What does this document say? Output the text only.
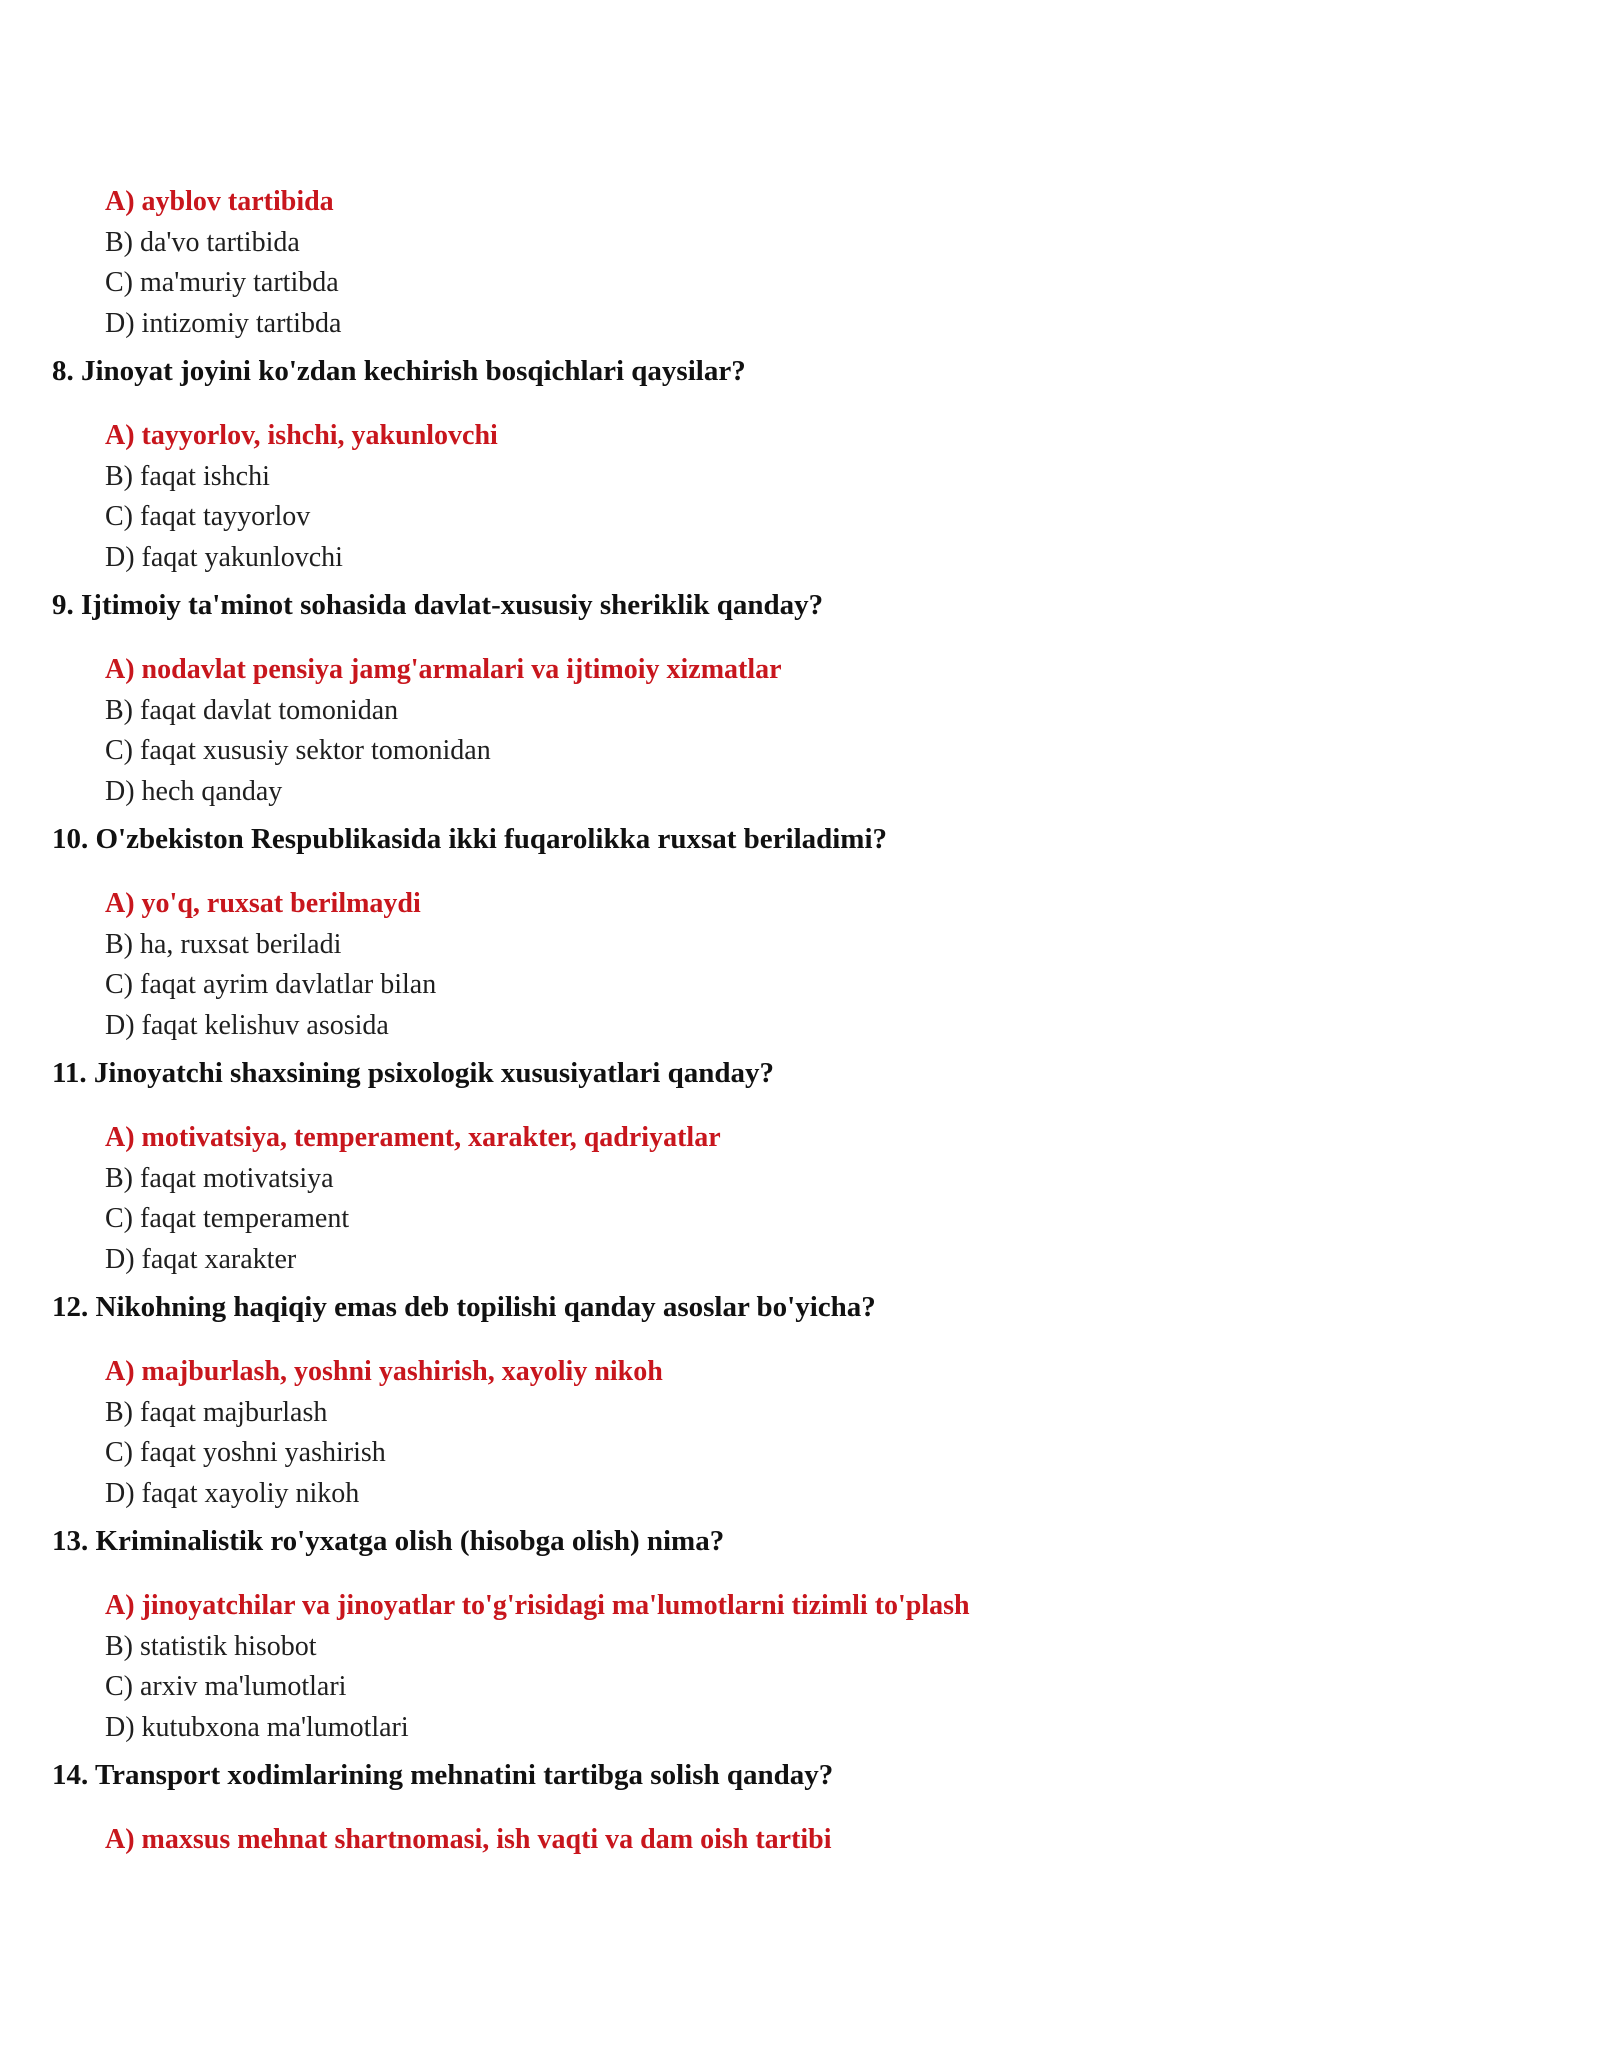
A) ayblov tartibida
B) da'vo tartibida
C) ma'muriy tartibda
D) intizomiy tartibda
8. Jinoyat joyini ko'zdan kechirish bosqichlari qaysilar?
A) tayyorlov, ishchi, yakunlovchi
B) faqat ishchi
C) faqat tayyorlov
D) faqat yakunlovchi
9. Ijtimoiy ta'minot sohasida davlat-xususiy sheriklik qanday?
A) nodavlat pensiya jamg'armalari va ijtimoiy xizmatlar
B) faqat davlat tomonidan
C) faqat xususiy sektor tomonidan
D) hech qanday
10. O'zbekiston Respublikasida ikki fuqarolikka ruxsat beriladimi?
A) yo'q, ruxsat berilmaydi
B) ha, ruxsat beriladi
C) faqat ayrim davlatlar bilan
D) faqat kelishuv asosida
11. Jinoyatchi shaxsining psixologik xususiyatlari qanday?
A) motivatsiya, temperament, xarakter, qadriyatlar
B) faqat motivatsiya
C) faqat temperament
D) faqat xarakter
12. Nikohning haqiqiy emas deb topilishi qanday asoslar bo'yicha?
A) majburlash, yoshni yashirish, xayoliy nikoh
B) faqat majburlash
C) faqat yoshni yashirish
D) faqat xayoliy nikoh
13. Kriminalistik ro'yxatga olish (hisobga olish) nima?
A) jinoyatchilar va jinoyatlar to'g'risidagi ma'lumotlarni tizimli to'plash
B) statistik hisobot
C) arxiv ma'lumotlari
D) kutubxona ma'lumotlari
14. Transport xodimlarining mehnatini tartibga solish qanday?
A) maxsus mehnat shartnomasi, ish vaqti va dam oish tartibi
